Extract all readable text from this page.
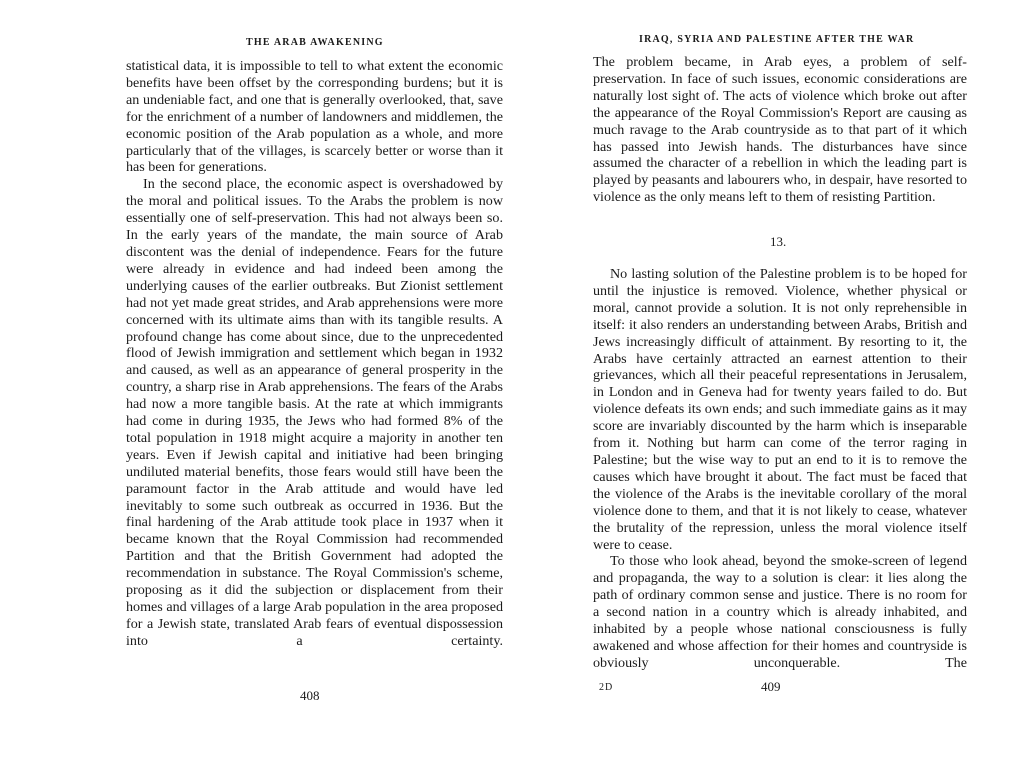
THE ARAB AWAKENING

statistical data, it is impossible to tell to what extent the economic benefits have been offset by the corresponding burdens; but it is an undeniable fact, and one that is generally overlooked, that, save for the enrichment of a number of landowners and middlemen, the economic position of the Arab population as a whole, and more particularly that of the villages, is scarcely better or worse than it has been for generations.

In the second place, the economic aspect is overshadowed by the moral and political issues. To the Arabs the problem is now essentially one of self-preservation. This had not always been so. In the early years of the mandate, the main source of Arab discontent was the denial of independence. Fears for the future were already in evidence and had indeed been among the underlying causes of the earlier outbreaks. But Zionist settlement had not yet made great strides, and Arab apprehensions were more concerned with its ultimate aims than with its tangible results. A profound change has come about since, due to the unprecedented flood of Jewish immigration and settlement which began in 1932 and caused, as well as an appearance of general prosperity in the country, a sharp rise in Arab apprehensions. The fears of the Arabs had now a more tangible basis. At the rate at which immigrants had come in during 1935, the Jews who had formed 8% of the total population in 1918 might acquire a majority in another ten years. Even if Jewish capital and initiative had been bringing undiluted material benefits, those fears would still have been the paramount factor in the Arab attitude and would have led inevitably to some such outbreak as occurred in 1936. But the final hardening of the Arab attitude took place in 1937 when it became known that the Royal Commission had recommended Partition and that the British Government had adopted the recommendation in substance. The Royal Commission's scheme, proposing as it did the subjection or displacement from their homes and villages of a large Arab population in the area proposed for a Jewish state, translated Arab fears of eventual dispossession into a certainty.

408
IRAQ, SYRIA AND PALESTINE AFTER THE WAR

The problem became, in Arab eyes, a problem of self-preservation. In face of such issues, economic considerations are naturally lost sight of. The acts of violence which broke out after the appearance of the Royal Commission's Report are causing as much ravage to the Arab countryside as to that part of it which has passed into Jewish hands. The disturbances have since assumed the character of a rebellion in which the leading part is played by peasants and labourers who, in despair, have resorted to violence as the only means left to them of resisting Partition.

13.

No lasting solution of the Palestine problem is to be hoped for until the injustice is removed. Violence, whether physical or moral, cannot provide a solution. It is not only reprehensible in itself: it also renders an understanding between Arabs, British and Jews increasingly difficult of attainment. By resorting to it, the Arabs have certainly attracted an earnest attention to their grievances, which all their peaceful representations in Jerusalem, in London and in Geneva had for twenty years failed to do. But violence defeats its own ends; and such immediate gains as it may score are invariably discounted by the harm which is inseparable from it. Nothing but harm can come of the terror raging in Palestine; but the wise way to put an end to it is to remove the causes which have brought it about. The fact must be faced that the violence of the Arabs is the inevitable corollary of the moral violence done to them, and that it is not likely to cease, whatever the brutality of the repression, unless the moral violence itself were to cease.

To those who look ahead, beyond the smoke-screen of legend and propaganda, the way to a solution is clear: it lies along the path of ordinary common sense and justice. There is no room for a second nation in a country which is already inhabited, and inhabited by a people whose national consciousness is fully awakened and whose affection for their homes and countryside is obviously unconquerable. The

2D	409
